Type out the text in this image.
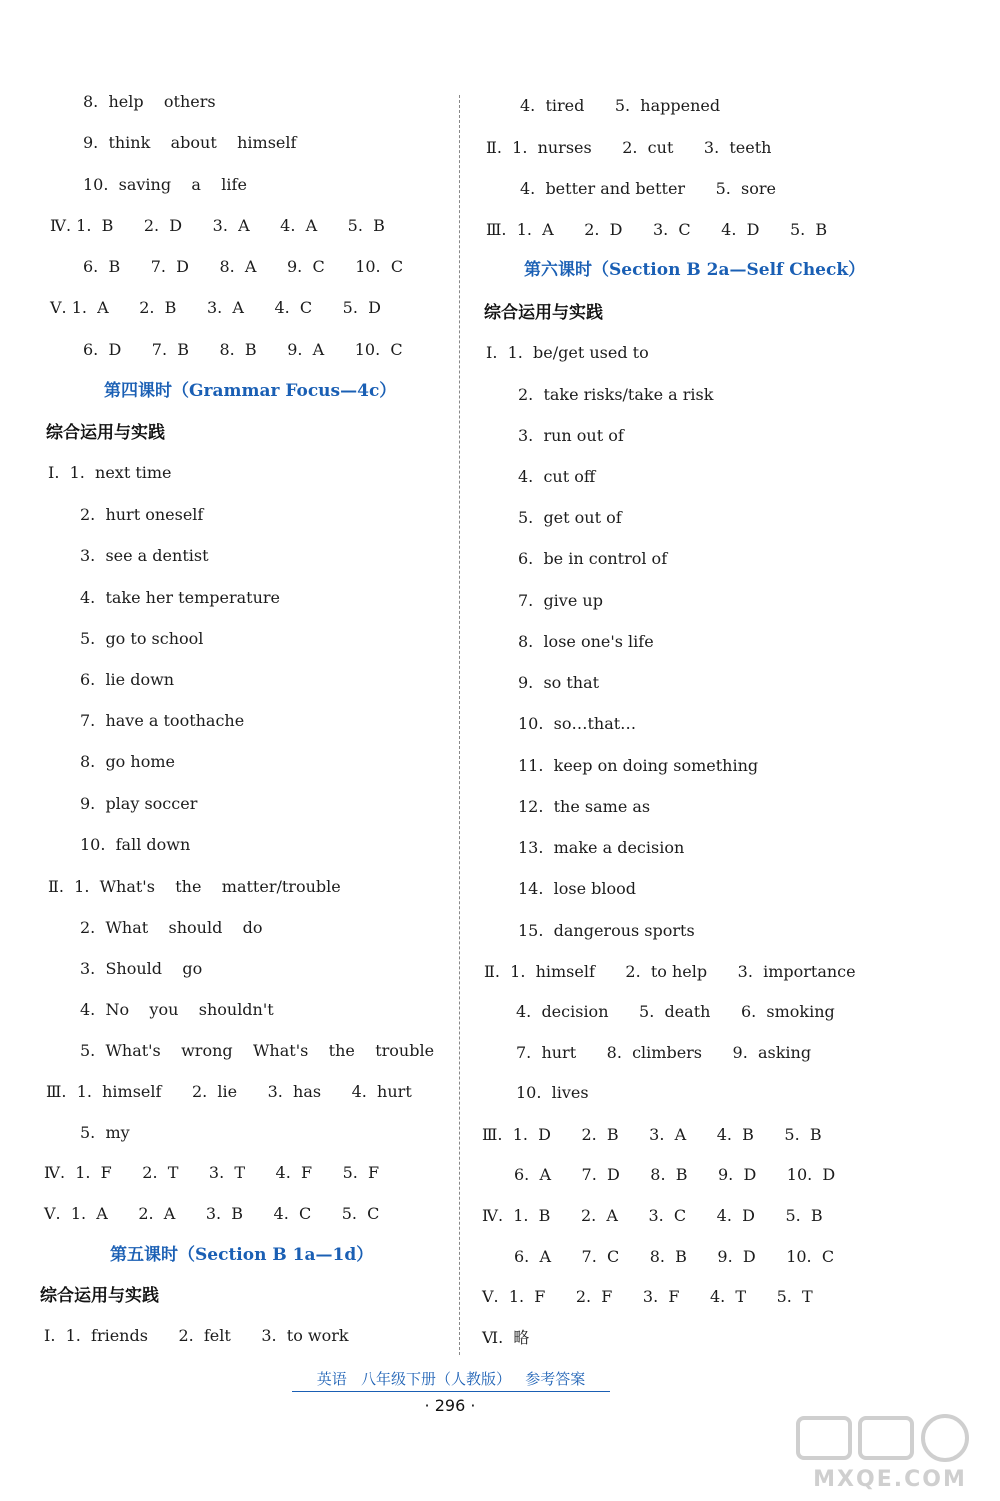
8.  help    others
9.  think    about    himself
10.  saving    a    life
Ⅳ. 1.  B      2.  D      3.  A      4.  A      5.  B
6.  B      7.  D      8.  A      9.  C      10.  C
Ⅴ. 1.  A      2.  B      3.  A      4.  C      5.  D
6.  D      7.  B      8.  B      9.  A      10.  C
第四课时（Grammar Focus—4c）
综合运用与实践
Ⅰ.  1.  next time
2.  hurt oneself
3.  see a dentist
4.  take her temperature
5.  go to school
6.  lie down
7.  have a toothache
8.  go home
9.  play soccer
10.  fall down
Ⅱ.  1.  What's    the    matter/trouble
2.  What    should    do
3.  Should    go
4.  No    you    shouldn't
5.  What's    wrong    What's    the    trouble
Ⅲ.  1.  himself      2.  lie      3.  has      4.  hurt
5.  my
Ⅳ.  1.  F      2.  T      3.  T      4.  F      5.  F
Ⅴ.  1.  A      2.  A      3.  B      4.  C      5.  C
第五课时（Section B 1a—1d）
综合运用与实践
Ⅰ.  1.  friends      2.  felt      3.  to work
4.  tired      5.  happened
Ⅱ.  1.  nurses      2.  cut      3.  teeth
4.  better and better      5.  sore
Ⅲ.  1.  A      2.  D      3.  C      4.  D      5.  B
第六课时（Section B 2a—Self Check）
综合运用与实践
Ⅰ.  1.  be/get used to
2.  take risks/take a risk
3.  run out of
4.  cut off
5.  get out of
6.  be in control of
7.  give up
8.  lose one's life
9.  so that
10.  so…that…
11.  keep on doing something
12.  the same as
13.  make a decision
14.  lose blood
15.  dangerous sports
Ⅱ.  1.  himself      2.  to help      3.  importance
4.  decision      5.  death      6.  smoking
7.  hurt      8.  climbers      9.  asking
10.  lives
Ⅲ.  1.  D      2.  B      3.  A      4.  B      5.  B
6.  A      7.  D      8.  B      9.  D      10.  D
Ⅳ.  1.  B      2.  A      3.  C      4.  D      5.  B
6.  A      7.  C      8.  B      9.  D      10.  C
Ⅴ.  1.  F      2.  F      3.  F      4.  T      5.  T
Ⅵ.  略
英语   八年级下册（人教版）   参考答案
· 296 ·
MXQE.COM
